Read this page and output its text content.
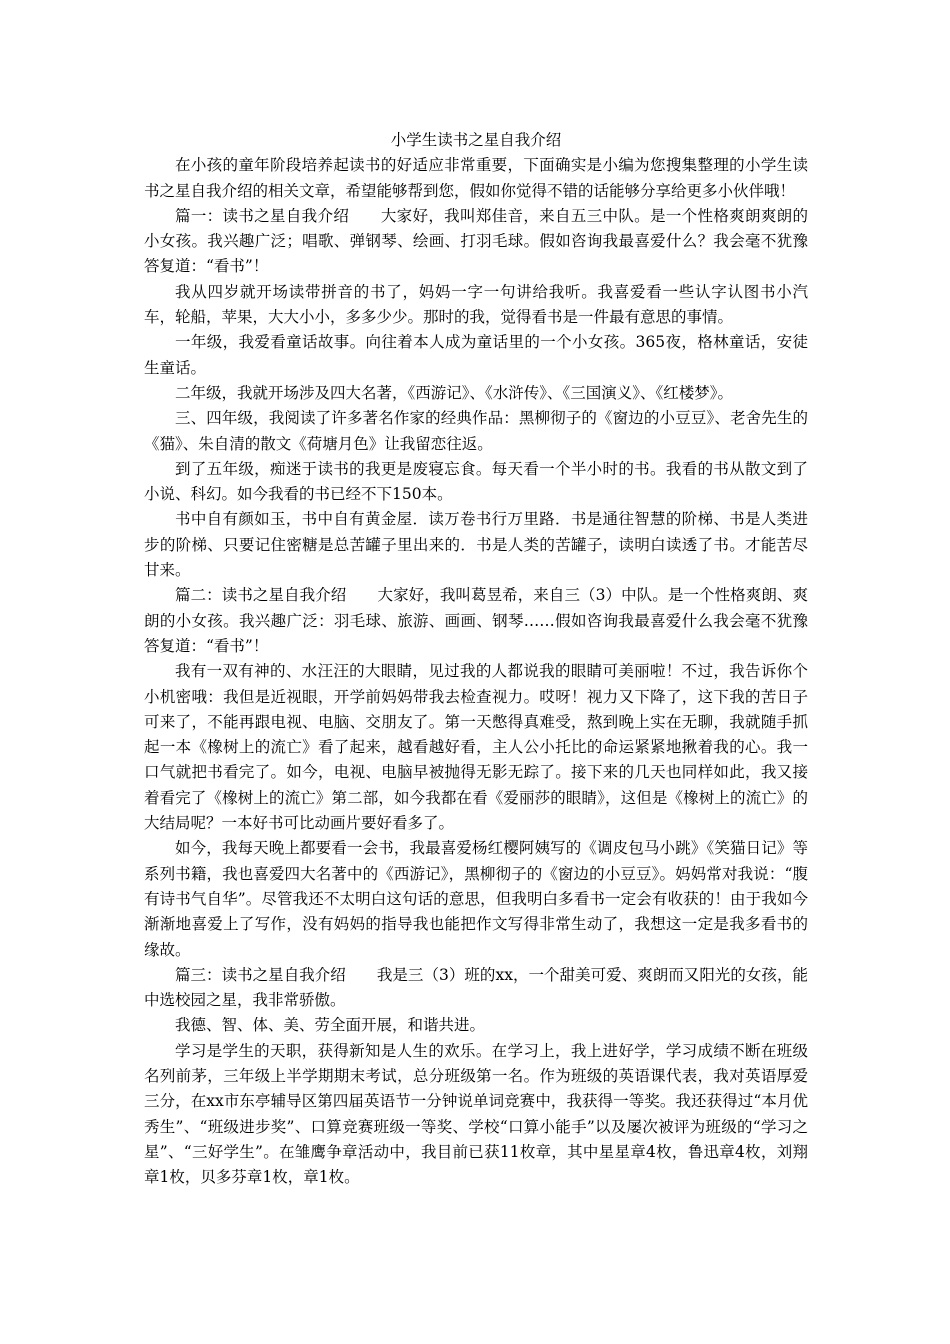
小学生读书之星自我介绍

在小孩的童年阶段培养起读书的好适应非常重要，下面确实是小编为您搜集整理的小学生读书之星自我介绍的相关文章，希望能够帮到您，假如你觉得不错的话能够分享给更多小伙伴哦！

篇一：读书之星自我介绍　　大家好，我叫郑佳音，来自五三中队。是一个性格爽朗爽朗的小女孩。我兴趣广泛；唱歌、弹钢琴、绘画、打羽毛球。假如咨询我最喜爱什么？我会毫不犹豫答复道：“看书”！

我从四岁就开场读带拼音的书了，妈妈一字一句讲给我听。我喜爱看一些认字认图书小汽车，轮船，苹果，大大小小，多多少少。那时的我，觉得看书是一件最有意思的事情。

一年级，我爱看童话故事。向往着本人成为童话里的一个小女孩。365夜，格林童话，安徒生童话。

二年级，我就开场涉及四大名著，《西游记》、《水浒传》、《三国演义》、《红楼梦》。

三、四年级，我阅读了许多著名作家的经典作品：黑柳彻子的《窗边的小豆豆》、老舍先生的《猫》、朱自清的散文《荷塘月色》让我留恋往返。

到了五年级，痴迷于读书的我更是废寝忘食。每天看一个半小时的书。我看的书从散文到了小说、科幻。如今我看的书已经不下150本。

书中自有颜如玉，书中自有黄金屋．读万卷书行万里路．书是通往智慧的阶梯、书是人类进步的阶梯、只要记住密糖是总苦罐子里出来的．书是人类的苦罐子，读明白读透了书。才能苦尽甘来。

篇二：读书之星自我介绍　　大家好，我叫葛昱希，来自三（3）中队。是一个性格爽朗、爽朗的小女孩。我兴趣广泛：羽毛球、旅游、画画、钢琴……假如咨询我最喜爱什么我会毫不犹豫答复道：“看书”！

我有一双有神的、水汪汪的大眼睛，见过我的人都说我的眼睛可美丽啦！不过，我告诉你个小机密哦：我但是近视眼，开学前妈妈带我去检查视力。哎呀！视力又下降了，这下我的苦日子可来了，不能再跟电视、电脑、交朋友了。第一天憋得真难受，熬到晚上实在无聊，我就随手抓起一本《橡树上的流亡》看了起来，越看越好看，主人公小托比的命运紧紧地揪着我的心。我一口气就把书看完了。如今，电视、电脑早被抛得无影无踪了。接下来的几天也同样如此，我又接着看完了《橡树上的流亡》第二部，如今我都在看《爱丽莎的眼睛》，这但是《橡树上的流亡》的大结局呢？一本好书可比动画片要好看多了。

如今，我每天晚上都要看一会书，我最喜爱杨红樱阿姨写的《调皮包马小跳》《笑猫日记》等系列书籍，我也喜爱四大名著中的《西游记》，黑柳彻子的《窗边的小豆豆》。妈妈常对我说：“腹有诗书气自华”。尽管我还不太明白这句话的意思，但我明白多看书一定会有收获的！由于我如今渐渐地喜爱上了写作，没有妈妈的指导我也能把作文写得非常生动了，我想这一定是我多看书的缘故。

篇三：读书之星自我介绍　　我是三（3）班的xx，一个甜美可爱、爽朗而又阳光的女孩，能中选校园之星，我非常骄傲。

我德、智、体、美、劳全面开展，和谐共进。

学习是学生的天职，获得新知是人生的欢乐。在学习上，我上进好学，学习成绩不断在班级名列前茅，三年级上半学期期末考试，总分班级第一名。作为班级的英语课代表，我对英语厚爱三分，在xx市东亭辅导区第四届英语节一分钟说单词竞赛中，我获得一等奖。我还获得过“本月优秀生”、“班级进步奖”、口算竞赛班级一等奖、学校“口算小能手”以及屡次被评为班级的“学习之星”、“三好学生”。在雏鹰争章活动中，我目前已获11枚章，其中星星章4枚，鲁迅章4枚，刘翔章1枚，贝多芬章1枚，章1枚。
